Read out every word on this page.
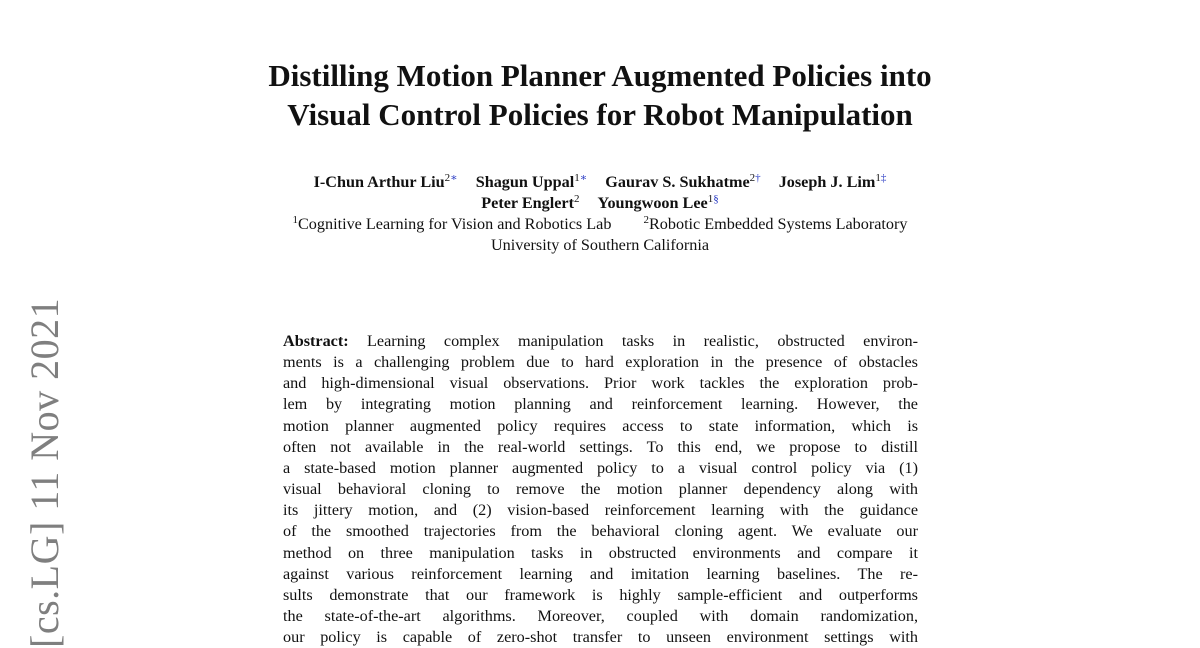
[cs.LG] 11 Nov 2021
Distilling Motion Planner Augmented Policies into
Visual Control Policies for Robot Manipulation
I-Chun Arthur Liu$^{2∗}$ Shagun Uppal$^{1∗}$ Gaurav S. Sukhatme$^{2\dagger}$ Joseph J. Lim$^{1\ddagger}$
Peter Englert$^2$ Youngwoon Lee$^{1\S}$
$^1$Cognitive Learning for Vision and Robotics Lab	$^2$Robotic Embedded Systems Laboratory
University of Southern California
Abstract: Learning complex manipulation tasks in realistic, obstructed environ-
ments is a challenging problem due to hard exploration in the presence of obstacles
and high-dimensional visual observations. Prior work tackles the exploration prob-
lem by integrating motion planning and reinforcement learning. However, the
motion planner augmented policy requires access to state information, which is
often not available in the real-world settings. To this end, we propose to distill
a state-based motion planner augmented policy to a visual control policy via (1)
visual behavioral cloning to remove the motion planner dependency along with
its jittery motion, and (2) vision-based reinforcement learning with the guidance
of the smoothed trajectories from the behavioral cloning agent. We evaluate our
method on three manipulation tasks in obstructed environments and compare it
against various reinforcement learning and imitation learning baselines. The re-
sults demonstrate that our framework is highly sample-efficient and outperforms
the state-of-the-art algorithms. Moreover, coupled with domain randomization,
our policy is capable of zero-shot transfer to unseen environment settings with
